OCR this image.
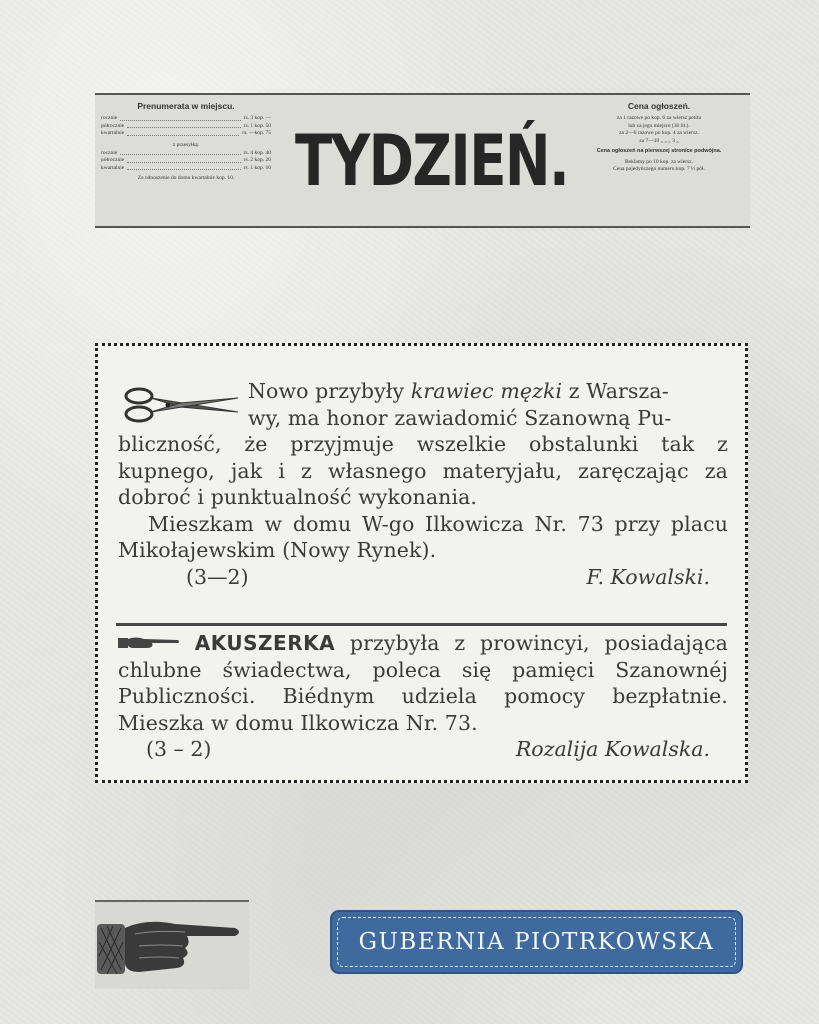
Prenumerata w miejscu.
rocznie	rs. 3 kop. —
półrocznie	rs. 1 kop. 50
kwartalnie	rs. —kop. 75
z przesyłką:
rocznie	rs. 4 kop. 40
półrocznie	rs. 2 kop. 20
kwartalnie	rs. 1 kop. 10
Za odnoszenie do domu kwartalnie kop. 10. TYDZIEŃ.
Cena ogłoszeń.
za 1 razowe po kop. 6 za wiersz petitu
lub za jego miejsce (30 lit.).
za 2—6 razowe po kop. 4 za wiersz.
za 7—10 „ „ „ 3 „
Cena ogłoszeń na pierwszej stronice podwójna.
Reklamy po 10 kop. za wiersz.
Cena pojedyńczego numeru kop. 7 ½ pół.
Nowo przybyły krawiec męzki z Warsza-
wy, ma honor zawiadomić Szanowną Pu-
bliczność, że przyjmuje wszelkie obstalunki tak z kupnego, jak i z własnego materyjału, zaręczając za dobroć i punktualność wykonania.
Mieszkam w domu W-go Ilkowicza Nr. 73 przy placu Mikołajewskim (Nowy Rynek).
(3—2)	F. Kowalski.
AKUSZERKA przybyła z prowincyi, posiadająca chlubne świadectwa, poleca się pamięci Szanownéj Publiczności. Biédnym udziela pomocy bezpłatnie. Mieszka w domu Ilkowicza Nr. 73.
(3 – 2)	Rozalija Kowalska.
GUBERNIA PIOTRKOWSKA
